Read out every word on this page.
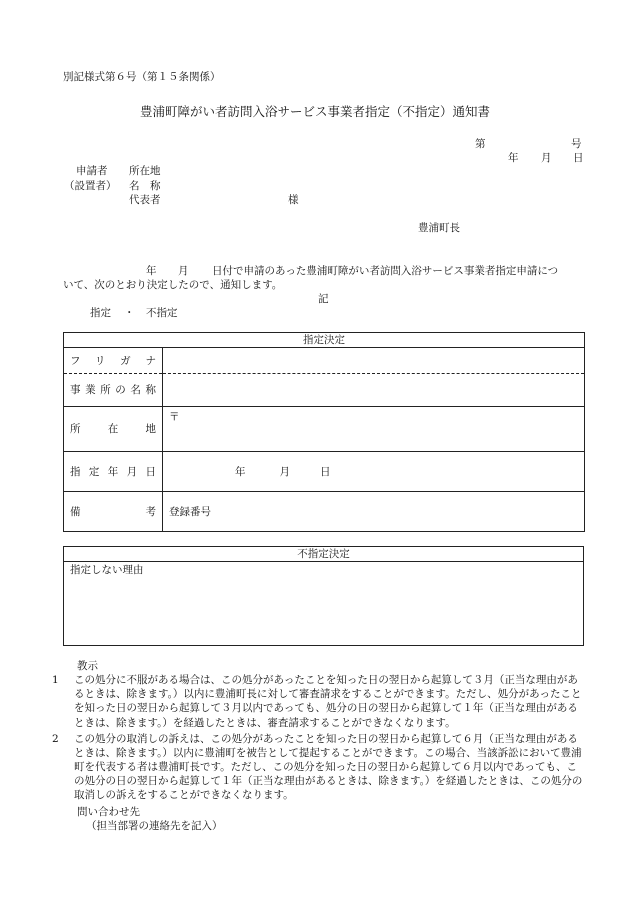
別記様式第６号（第１５条関係）
豊浦町障がい者訪問入浴サービス事業者指定（不指定）通知書
第	号
年 月 日
申請者
（設置者）
所在地
名　称
代表者	様
豊浦町長
年 月 日付で申請のあった豊浦町障がい者訪問入浴サービス事業者指定申請につ
いて、次のとおり決定したので、通知します。
記
指定 ・ 不指定
指定決定	

フリガナ	

事業所の名称	

所在地	〒

指定年月日	年 月 日

備考	登録番号
不指定決定
指定しない理由
教示
1 この処分に不服がある場合は、この処分があったことを知った日の翌日から起算して３月（正当な理由があるときは、除きます。）以内に豊浦町長に対して審査請求をすることができます。ただし、処分があったことを知った日の翌日から起算して３月以内であっても、処分の日の翌日から起算して１年（正当な理由があるときは、除きます。）を経過したときは、審査請求することができなくなります。
2 この処分の取消しの訴えは、この処分があったことを知った日の翌日から起算して６月（正当な理由があるときは、除きます。）以内に豊浦町を被告として提起することができます。この場合、当該訴訟において豊浦町を代表する者は豊浦町長です。ただし、この処分を知った日の翌日から起算して６月以内であっても、この処分の日の翌日から起算して１年（正当な理由があるときは、除きます。）を経過したときは、この処分の取消しの訴えをすることができなくなります。
問い合わせ先
（担当部署の連絡先を記入）
